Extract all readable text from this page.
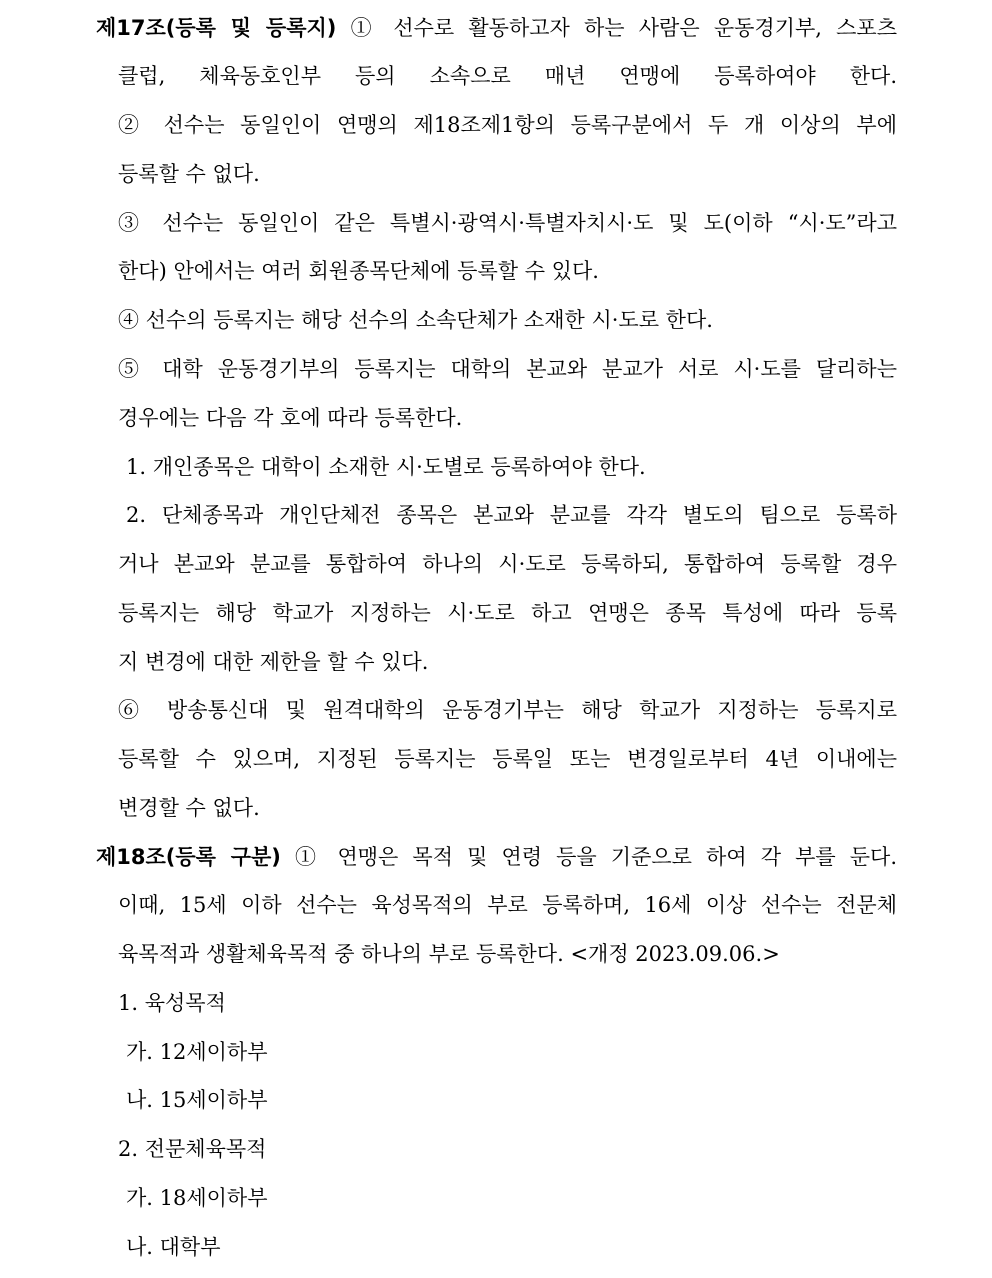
제17조(등록 및 등록지) ① 선수로 활동하고자 하는 사람은 운동경기부, 스포츠
클럽, 체육동호인부 등의 소속으로 매년 연맹에 등록하여야 한다.
② 선수는 동일인이 연맹의 제18조제1항의 등록구분에서 두 개 이상의 부에
등록할 수 없다.
③ 선수는 동일인이 같은 특별시·광역시·특별자치시·도 및 도(이하 “시·도”라고
한다) 안에서는 여러 회원종목단체에 등록할 수 있다.
④ 선수의 등록지는 해당 선수의 소속단체가 소재한 시·도로 한다.
⑤ 대학 운동경기부의 등록지는 대학의 본교와 분교가 서로 시·도를 달리하는
경우에는 다음 각 호에 따라 등록한다.
1. 개인종목은 대학이 소재한 시·도별로 등록하여야 한다.
2. 단체종목과 개인단체전 종목은 본교와 분교를 각각 별도의 팀으로 등록하
거나 본교와 분교를 통합하여 하나의 시·도로 등록하되, 통합하여 등록할 경우
등록지는 해당 학교가 지정하는 시·도로 하고 연맹은 종목 특성에 따라 등록
지 변경에 대한 제한을 할 수 있다.
⑥ 방송통신대 및 원격대학의 운동경기부는 해당 학교가 지정하는 등록지로
등록할 수 있으며, 지정된 등록지는 등록일 또는 변경일로부터 4년 이내에는
변경할 수 없다.
제18조(등록 구분) ① 연맹은 목적 및 연령 등을 기준으로 하여 각 부를 둔다.
이때, 15세 이하 선수는 육성목적의 부로 등록하며, 16세 이상 선수는 전문체
육목적과 생활체육목적 중 하나의 부로 등록한다. <개정 2023.09.06.>
1. 육성목적
가. 12세이하부
나. 15세이하부
2. 전문체육목적
가. 18세이하부
나. 대학부
